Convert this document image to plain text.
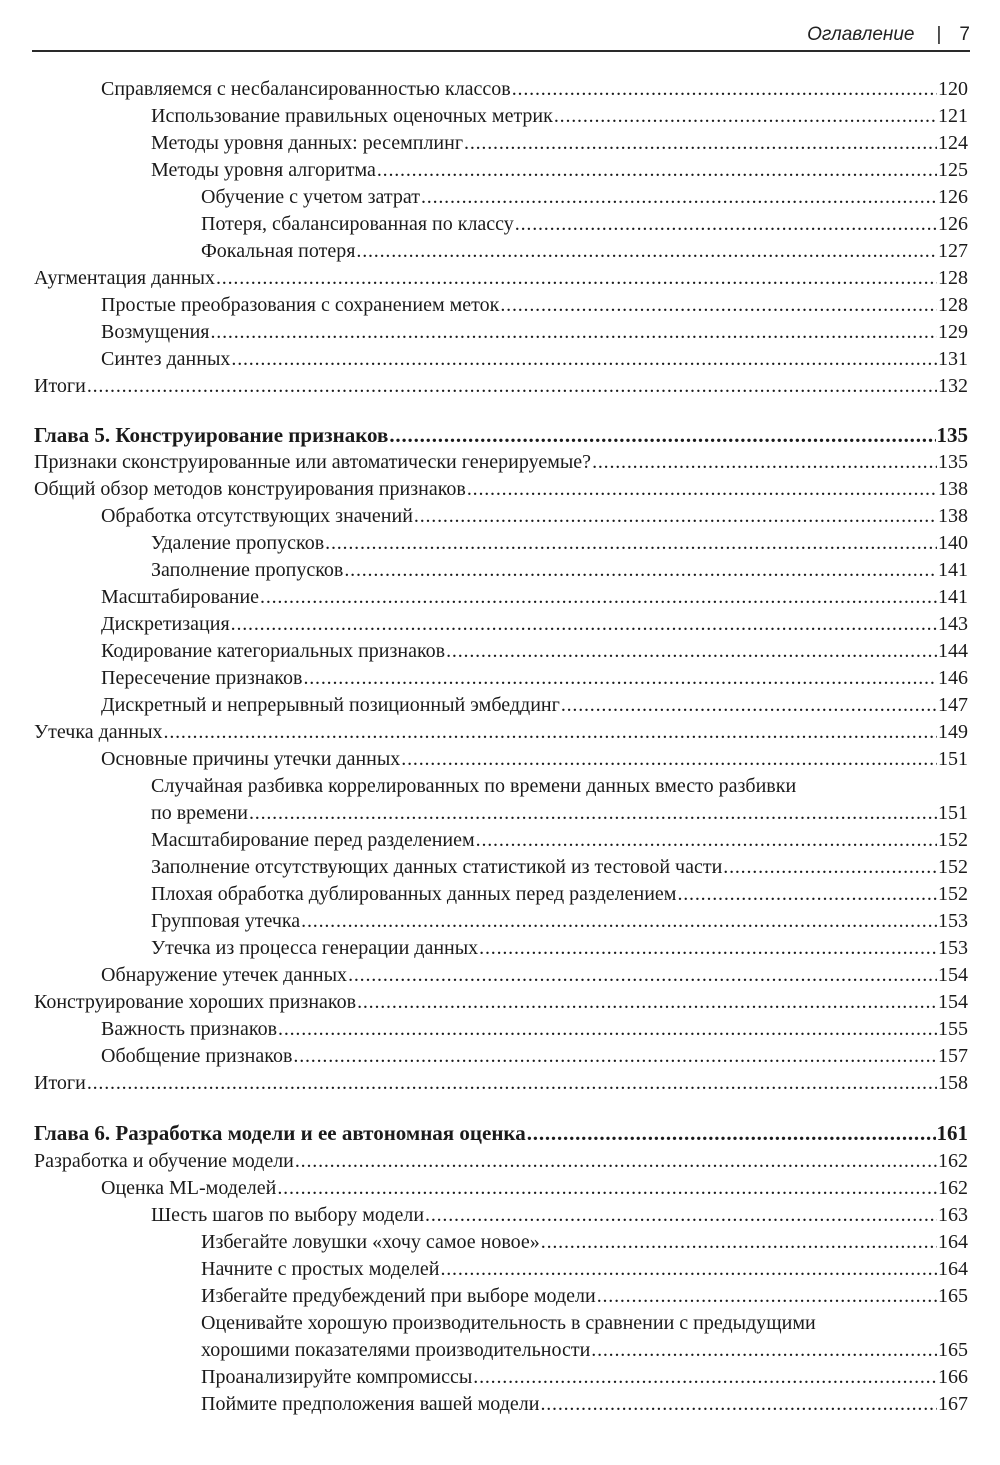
Оглавление | 7
Справляемся с несбалансированностью классов .....	120
Использование правильных оценочных метрик .....	121
Методы уровня данных: ресемплинг .....	124
Методы уровня алгоритма .....	125
Обучение с учетом затрат .....	126
Потеря, сбалансированная по классу .....	126
Фокальная потеря .....	127
Аугментация данных .....	128
Простые преобразования с сохранением меток .....	128
Возмущения .....	129
Синтез данных .....	131
Итоги .....	132
Глава 5. Конструирование признаков .....	135
Признаки сконструированные или автоматически генерируемые? .....	135
Общий обзор методов конструирования признаков .....	138
Обработка отсутствующих значений .....	138
Удаление пропусков .....	140
Заполнение пропусков .....	141
Масштабирование .....	141
Дискретизация .....	143
Кодирование категориальных признаков .....	144
Пересечение признаков .....	146
Дискретный и непрерывный позиционный эмбеддинг .....	147
Утечка данных .....	149
Основные причины утечки данных .....	151
Случайная разбивка коррелированных по времени данных вместо разбивки
по времени .....	151
Масштабирование перед разделением .....	152
Заполнение отсутствующих данных статистикой из тестовой части .....	152
Плохая обработка дублированных данных перед разделением .....	152
Групповая утечка .....	153
Утечка из процесса генерации данных .....	153
Обнаружение утечек данных .....	154
Конструирование хороших признаков .....	154
Важность признаков .....	155
Обобщение признаков .....	157
Итоги .....	158
Глава 6. Разработка модели и ее автономная оценка .....	161
Разработка и обучение модели .....	162
Оценка ML-моделей .....	162
Шесть шагов по выбору модели .....	163
Избегайте ловушки «хочу самое новое» .....	164
Начните с простых моделей .....	164
Избегайте предубеждений при выборе модели .....	165
Оценивайте хорошую производительность в сравнении с предыдущими
хорошими показателями производительности .....	165
Проанализируйте компромиссы .....	166
Поймите предположения вашей модели .....	167
